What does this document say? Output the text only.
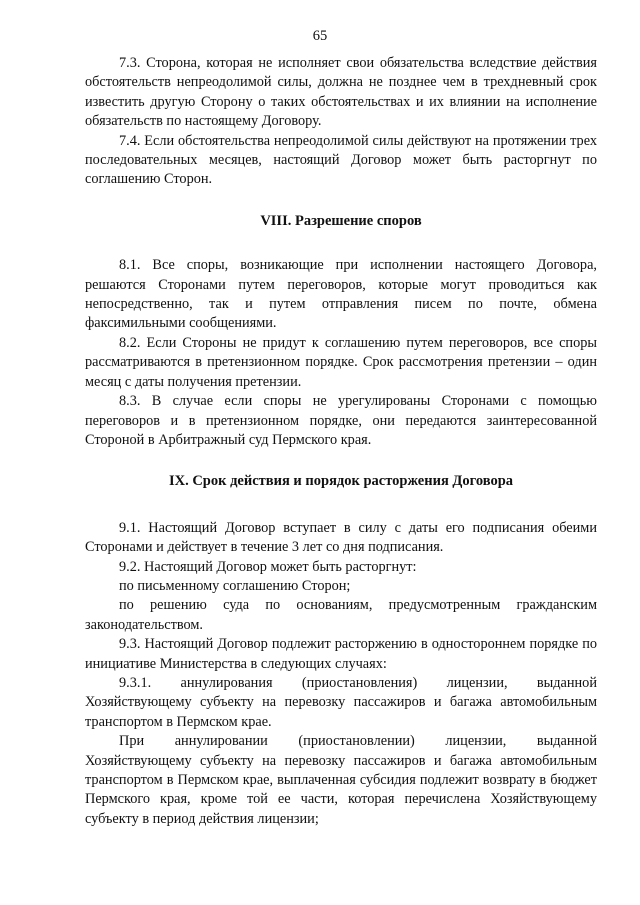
65

7.3. Сторона, которая не исполняет свои обязательства вследствие действия обстоятельств непреодолимой силы, должна не позднее чем в трехдневный срок известить другую Сторону о таких обстоятельствах и их влиянии на исполнение обязательств по настоящему Договору.

7.4. Если обстоятельства непреодолимой силы действуют на протяжении трех последовательных месяцев, настоящий Договор может быть расторгнут по соглашению Сторон.

VIII. Разрешение споров

8.1. Все споры, возникающие при исполнении настоящего Договора, решаются Сторонами путем переговоров, которые могут проводиться как непосредственно, так и путем отправления писем по почте, обмена факсимильными сообщениями.

8.2. Если Стороны не придут к соглашению путем переговоров, все споры рассматриваются в претензионном порядке. Срок рассмотрения претензии – один месяц с даты получения претензии.

8.3. В случае если споры не урегулированы Сторонами с помощью переговоров и в претензионном порядке, они передаются заинтересованной Стороной в Арбитражный суд Пермского края.

IX. Срок действия и порядок расторжения Договора

9.1. Настоящий Договор вступает в силу с даты его подписания обеими Сторонами и действует в течение 3 лет со дня подписания.

9.2. Настоящий Договор может быть расторгнут:

по письменному соглашению Сторон;

по решению суда по основаниям, предусмотренным гражданским законодательством.

9.3. Настоящий Договор подлежит расторжению в одностороннем порядке по инициативе Министерства в следующих случаях:

9.3.1. аннулирования (приостановления) лицензии, выданной Хозяйствующему субъекту на перевозку пассажиров и багажа автомобильным транспортом в Пермском крае.

При аннулировании (приостановлении) лицензии, выданной Хозяйствующему субъекту на перевозку пассажиров и багажа автомобильным транспортом в Пермском крае, выплаченная субсидия подлежит возврату в бюджет Пермского края, кроме той ее части, которая перечислена Хозяйствующему субъекту в период действия лицензии;
